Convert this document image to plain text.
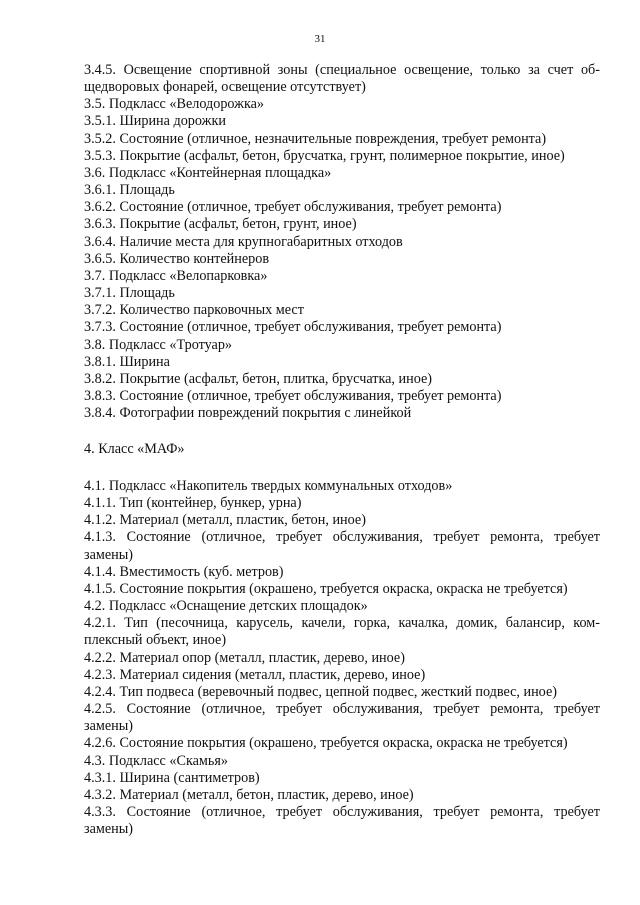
31
3.4.5. Освещение спортивной зоны (специальное освещение, только за счет об-щедворовых фонарей, освещение отсутствует)
3.5. Подкласс «Велодорожка»
3.5.1. Ширина дорожки
3.5.2. Состояние (отличное, незначительные повреждения, требует ремонта)
3.5.3. Покрытие (асфальт, бетон, брусчатка, грунт, полимерное покрытие, иное)
3.6. Подкласс «Контейнерная площадка»
3.6.1. Площадь
3.6.2. Состояние (отличное, требует обслуживания, требует ремонта)
3.6.3. Покрытие (асфальт, бетон, грунт, иное)
3.6.4. Наличие места для крупногабаритных отходов
3.6.5. Количество контейнеров
3.7. Подкласс «Велопарковка»
3.7.1. Площадь
3.7.2. Количество парковочных мест
3.7.3. Состояние (отличное, требует обслуживания, требует ремонта)
3.8. Подкласс «Тротуар»
3.8.1. Ширина
3.8.2. Покрытие (асфальт, бетон, плитка, брусчатка, иное)
3.8.3. Состояние (отличное, требует обслуживания, требует ремонта)
3.8.4. Фотографии повреждений покрытия с линейкой
4. Класс «МАФ»
4.1. Подкласс «Накопитель твердых коммунальных отходов»
4.1.1. Тип (контейнер, бункер, урна)
4.1.2. Материал (металл, пластик, бетон, иное)
4.1.3. Состояние (отличное, требует обслуживания, требует ремонта, требует замены)
4.1.4. Вместимость (куб. метров)
4.1.5. Состояние покрытия (окрашено, требуется окраска, окраска не требуется)
4.2. Подкласс «Оснащение детских площадок»
4.2.1. Тип (песочница, карусель, качели, горка, качалка, домик, балансир, ком-плексный объект, иное)
4.2.2. Материал опор (металл, пластик, дерево, иное)
4.2.3. Материал сидения (металл, пластик, дерево, иное)
4.2.4. Тип подвеса (веревочный подвес, цепной подвес, жесткий подвес, иное)
4.2.5. Состояние (отличное, требует обслуживания, требует ремонта, требует замены)
4.2.6. Состояние покрытия (окрашено, требуется окраска, окраска не требуется)
4.3. Подкласс «Скамья»
4.3.1. Ширина (сантиметров)
4.3.2. Материал (металл, бетон, пластик, дерево, иное)
4.3.3. Состояние (отличное, требует обслуживания, требует ремонта, требует замены)
